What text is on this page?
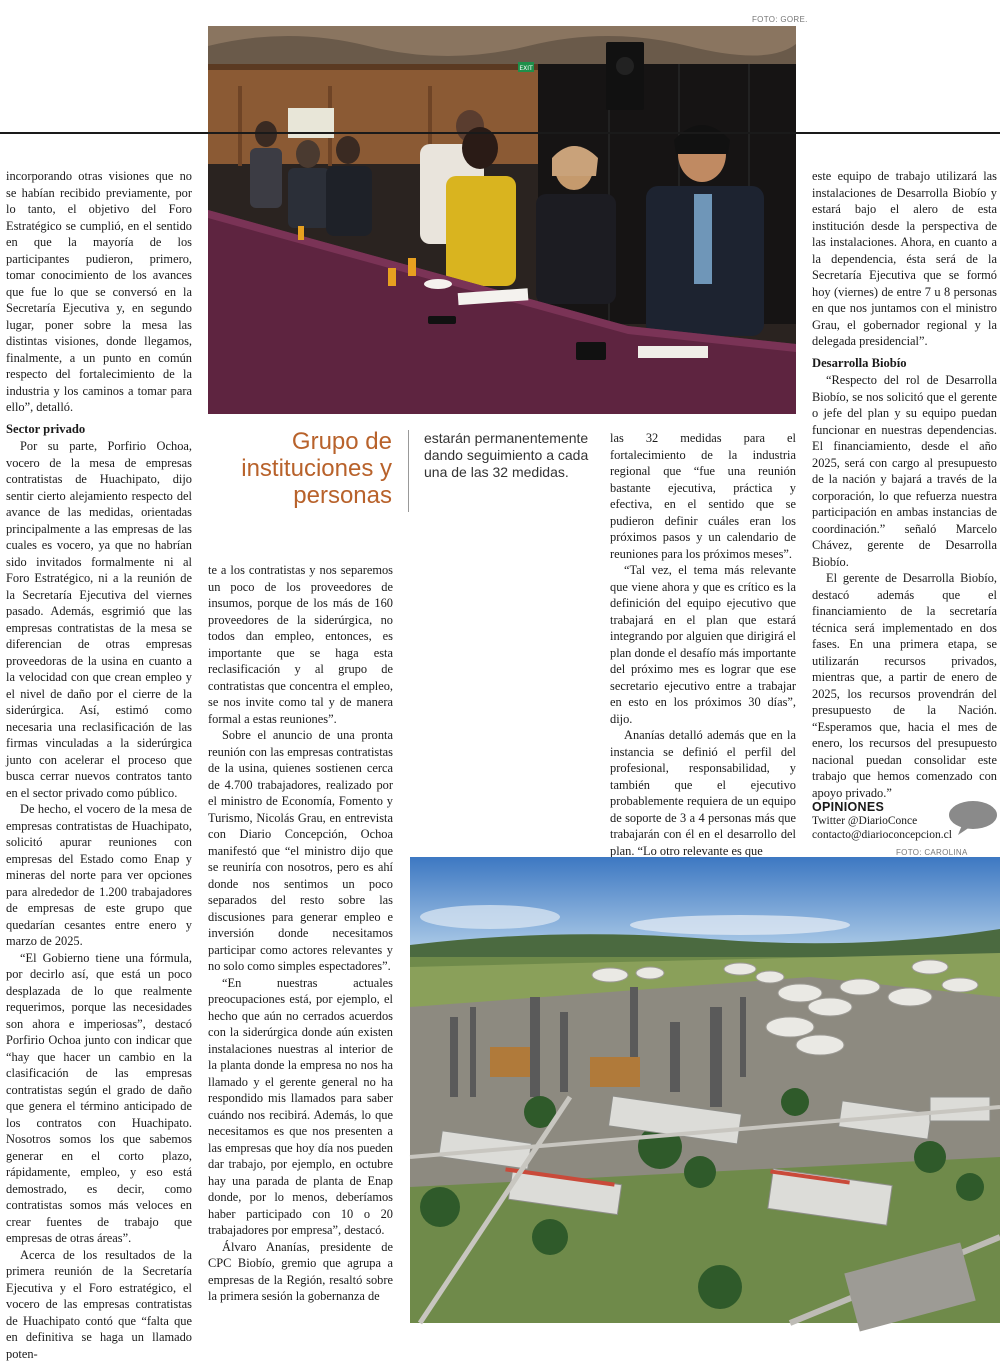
FOTO: GORE.
EXIT

incorporando otras visiones que no se habían recibido previamente, por lo tanto, el objetivo del Foro Estratégico se cumplió, en el sentido en que la mayoría de los participantes pudieron, primero, tomar conocimiento de los avances que fue lo que se conversó en la Secretaría Ejecutiva y, en segundo lugar, poner sobre la mesa las distintas visiones, donde llegamos, finalmente, a un punto en común respecto del fortalecimiento de la industria y los caminos a tomar para ello”, detalló.

Sector privado

Por su parte, Porfirio Ochoa, vocero de la mesa de empresas contratistas de Huachipato, dijo sentir cierto alejamiento respecto del avance de las medidas, orientadas principalmente a las empresas de las cuales es vocero, ya que no habrían sido invitados formalmente ni al Foro Estratégico, ni a la reunión de la Secretaría Ejecutiva del viernes pasado. Además, esgrimió que las empresas contratistas de la mesa se diferencian de otras empresas proveedoras de la usina en cuanto a la velocidad con que crean empleo y el nivel de daño por el cierre de la siderúrgica. Así, estimó como necesaria una reclasificación de las firmas vinculadas a la siderúrgica junto con acelerar el proceso que busca cerrar nuevos contratos tanto en el sector privado como público.

De hecho, el vocero de la mesa de empresas contratistas de Huachipato, solicitó apurar reuniones con empresas del Estado como Enap y mineras del norte para ver opciones para alrededor de 1.200 trabajadores de empresas de este grupo que quedarían cesantes entre enero y marzo de 2025.

“El Gobierno tiene una fórmula, por decirlo así, que está un poco desplazada de lo que realmente requerimos, porque las necesidades son ahora e imperiosas”, destacó Porfirio Ochoa junto con indicar que “hay que hacer un cambio en la clasificación de las empresas contratistas según el grado de daño que genera el término anticipado de los contratos con Huachipato. Nosotros somos los que sabemos generar en el corto plazo, rápidamente, empleo, y eso está demostrado, es decir, como contratistas somos más veloces en crear fuentes de trabajo que empresas de otras áreas”.

Acerca de los resultados de la primera reunión de la Secretaría Ejecutiva y el Foro estratégico, el vocero de las empresas contratistas de Huachipato contó que “falta que en definitiva se haga un llamado poten-

te a los contratistas y nos separemos un poco de los proveedores de insumos, porque de los más de 160 proveedores de la siderúrgica, no todos dan empleo, entonces, es importante que se haga esta reclasificación y al grupo de contratistas que concentra el empleo, se nos invite como tal y de manera formal a estas reuniones”.

Sobre el anuncio de una pronta reunión con las empresas contratistas de la usina, quienes sostienen cerca de 4.700 trabajadores, realizado por el ministro de Economía, Fomento y Turismo, Nicolás Grau, en entrevista con Diario Concepción, Ochoa manifestó que “el ministro dijo que se reuniría con nosotros, pero es ahí donde nos sentimos un poco separados del resto sobre las discusiones para generar empleo e inversión donde necesitamos participar como actores relevantes y no solo como simples espectadores”.

“En nuestras actuales preocupaciones está, por ejemplo, el hecho que aún no cerrados acuerdos con la siderúrgica donde aún existen instalaciones nuestras al interior de la planta donde la empresa no nos ha llamado y el gerente general no ha respondido mis llamados para saber cuándo nos recibirá. Además, lo que necesitamos es que nos presenten a las empresas que hoy día nos pueden dar trabajo, por ejemplo, en octubre hay una parada de planta de Enap donde, por lo menos, deberíamos haber participado con 10 o 20 trabajadores por empresa”, destacó.

Álvaro Ananías, presidente de CPC Biobío, gremio que agrupa a empresas de la Región, resaltó sobre la primera sesión la gobernanza de

Grupo de instituciones y personas
estarán permanentemente dando seguimiento a cada una de las 32 medidas.

las 32 medidas para el fortalecimiento de la industria regional que “fue una reunión bastante ejecutiva, práctica y efectiva, en el sentido que se pudieron definir cuáles eran los próximos pasos y un calendario de reuniones para los próximos meses”.

“Tal vez, el tema más relevante que viene ahora y que es crítico es la definición del equipo ejecutivo que trabajará en el plan que estará integrando por alguien que dirigirá el plan donde el desafío más importante del próximo mes es lograr que ese secretario ejecutivo entre a trabajar en esto en los próximos 30 días”, dijo.

Ananías detalló además que en la instancia se definió el perfil del profesional, responsabilidad, y también que el ejecutivo probablemente requiera de un equipo de soporte de 3 a 4 personas más que trabajarán con él en el desarrollo del plan. “Lo otro relevante es que

este equipo de trabajo utilizará las instalaciones de Desarrolla Biobío y estará bajo el alero de esta institución desde la perspectiva de las instalaciones. Ahora, en cuanto a la dependencia, ésta será de la Secretaría Ejecutiva que se formó hoy (viernes) de entre 7 u 8 personas en que nos juntamos con el ministro Grau, el gobernador regional y la delegada presidencial”.

Desarrolla Biobío

“Respecto del rol de Desarrolla Biobío, se nos solicitó que el gerente o jefe del plan y su equipo puedan funcionar en nuestras dependencias. El financiamiento, desde el año 2025, será con cargo al presupuesto de la nación y bajará a través de la corporación, lo que refuerza nuestra participación en ambas instancias de coordinación.” señaló Marcelo Chávez, gerente de Desarrolla Biobío.

El gerente de Desarrolla Biobío, destacó además que el financiamiento de la secretaría técnica será implementado en dos fases. En una primera etapa, se utilizarán recursos privados, mientras que, a partir de enero de 2025, los recursos provendrán del presupuesto de la Nación. “Esperamos que, hacia el mes de enero, los recursos del presupuesto nacional puedan consolidar este trabajo que hemos comenzado con apoyo privado.”

OPINIONES
Twitter @DiarioConce
contacto@diarioconcepcion.cl
FOTO: CAROLINA
